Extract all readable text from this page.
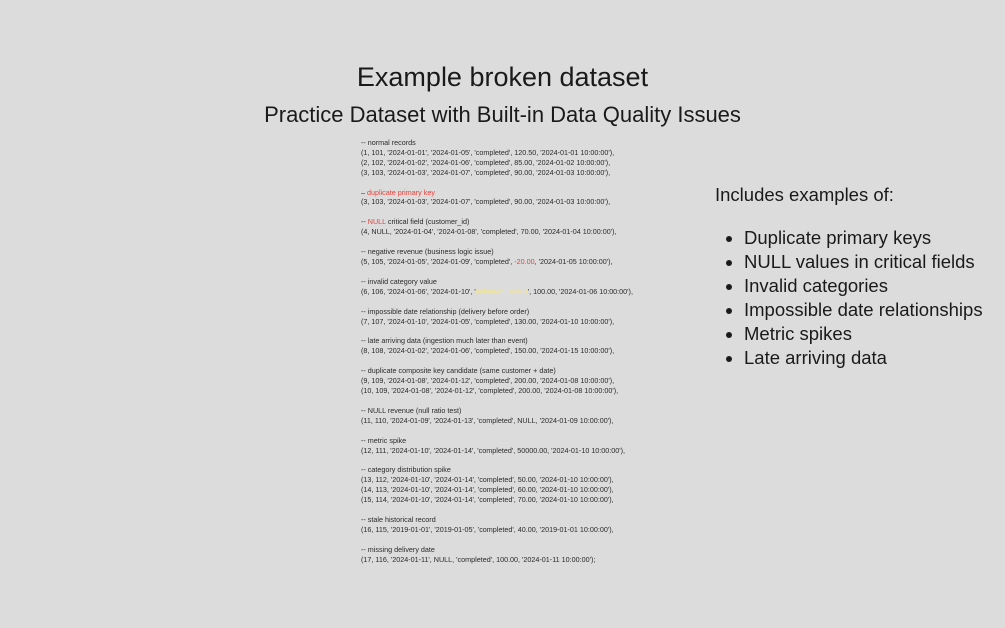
Example broken dataset
Practice Dataset with Built-in Data Quality Issues
-- normal records
(1, 101, '2024-01-01', '2024-01-05', 'completed', 120.50, '2024-01-01 10:00:00'),
(2, 102, '2024-01-02', '2024-01-06', 'completed', 85.00, '2024-01-02 10:00:00'),
(3, 103, '2024-01-03', '2024-01-07', 'completed', 90.00, '2024-01-03 10:00:00'),
– duplicate primary key
(3, 103, '2024-01-03', '2024-01-07', 'completed', 90.00, '2024-01-03 10:00:00'),
-- NULL critical field (customer_id)
(4, NULL, '2024-01-04', '2024-01-08', 'completed', 70.00, '2024-01-04 10:00:00'),
-- negative revenue (business logic issue)
(5, 105, '2024-01-05', '2024-01-09', 'completed', -20.00, '2024-01-05 10:00:00'),
-- invalid category value
(6, 106, '2024-01-06', '2024-01-10', 'unknown_status', 100.00, '2024-01-06 10:00:00'),
-- impossible date relationship (delivery before order)
(7, 107, '2024-01-10', '2024-01-05', 'completed', 130.00, '2024-01-10 10:00:00'),
-- late arriving data (ingestion much later than event)
(8, 108, '2024-01-02', '2024-01-06', 'completed', 150.00, '2024-01-15 10:00:00'),
-- duplicate composite key candidate (same customer + date)
(9, 109, '2024-01-08', '2024-01-12', 'completed', 200.00, '2024-01-08 10:00:00'),
(10, 109, '2024-01-08', '2024-01-12', 'completed', 200.00, '2024-01-08 10:00:00'),
-- NULL revenue (null ratio test)
(11, 110, '2024-01-09', '2024-01-13', 'completed', NULL, '2024-01-09 10:00:00'),
-- metric spike
(12, 111, '2024-01-10', '2024-01-14', 'completed', 50000.00, '2024-01-10 10:00:00'),
-- category distribution spike
(13, 112, '2024-01-10', '2024-01-14', 'completed', 50.00, '2024-01-10 10:00:00'),
(14, 113, '2024-01-10', '2024-01-14', 'completed', 60.00, '2024-01-10 10:00:00'),
(15, 114, '2024-01-10', '2024-01-14', 'completed', 70.00, '2024-01-10 10:00:00'),
-- stale historical record
(16, 115, '2019-01-01', '2019-01-05', 'completed', 40.00, '2019-01-01 10:00:00'),
-- missing delivery date
(17, 116, '2024-01-11', NULL, 'completed', 100.00, '2024-01-11 10:00:00');
Includes examples of:
Duplicate primary keys
NULL values in critical fields
Invalid categories
Impossible date relationships
Metric spikes
Late arriving data
